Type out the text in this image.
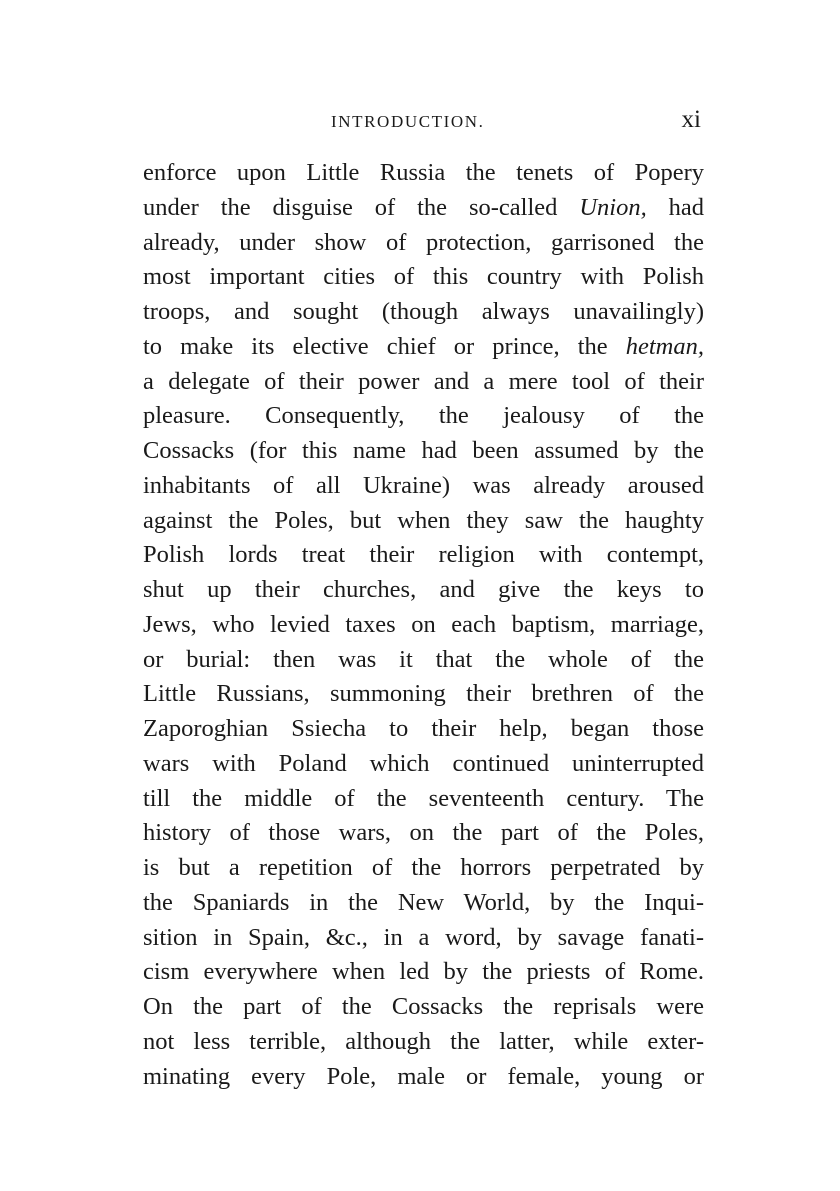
INTRODUCTION.	xi
enforce upon Little Russia the tenets of Popery
under the disguise of the so-called Union, had
already, under show of protection, garrisoned the
most important cities of this country with Polish
troops, and sought (though always unavailingly)
to make its elective chief or prince, the hetman,
a delegate of their power and a mere tool of their
pleasure. Consequently, the jealousy of the
Cossacks (for this name had been assumed by the
inhabitants of all Ukraine) was already aroused
against the Poles, but when they saw the haughty
Polish lords treat their religion with contempt,
shut up their churches, and give the keys to
Jews, who levied taxes on each baptism, marriage,
or burial: then was it that the whole of the
Little Russians, summoning their brethren of the
Zaporoghian Ssiecha to their help, began those
wars with Poland which continued uninterrupted
till the middle of the seventeenth century. The
history of those wars, on the part of the Poles,
is but a repetition of the horrors perpetrated by
the Spaniards in the New World, by the Inqui-
sition in Spain, &c., in a word, by savage fanati-
cism everywhere when led by the priests of Rome.
On the part of the Cossacks the reprisals were
not less terrible, although the latter, while exter-
minating every Pole, male or female, young or
